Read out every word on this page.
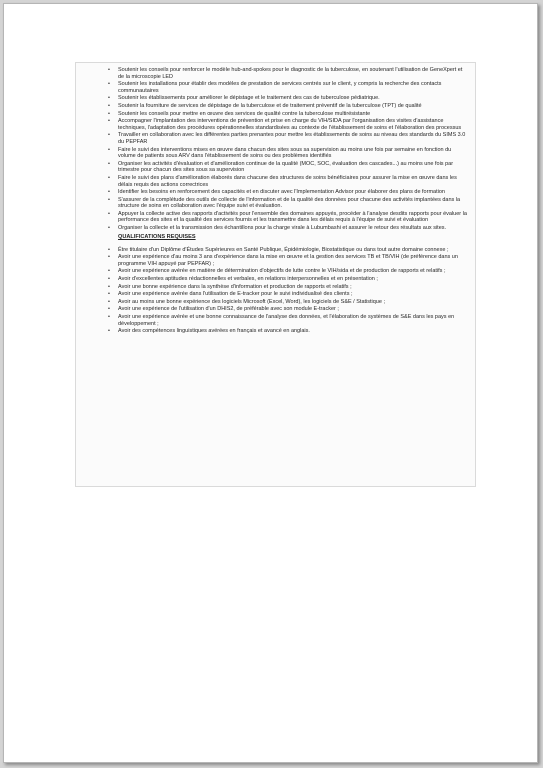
• Soutenir les conseils pour renforcer le modèle hub-and-spokes pour le diagnostic de la tuberculose, en soutenant l'utilisation de GeneXpert et de la microscopie LED
• Soutenir les installations pour établir des modèles de prestation de services centrés sur le client, y compris la recherche des contacts communautaires
• Soutenir les établissements pour améliorer le dépistage et le traitement des cas de tuberculose pédiatrique.
• Soutenir la fourniture de services de dépistage de la tuberculose et de traitement préventif de la tuberculose (TPT) de qualité
• Soutenir les conseils pour mettre en œuvre des services de qualité contre la tuberculose multirésistante
• Accompagner l'implantation des interventions de prévention et prise en charge du VIH/SIDA par l'organisation des visites d'assistance techniques, l'adaptation des procédures opérationnelles standardisées au contexte de l'établissement de soins et l'élaboration des processus
• Travailler en collaboration avec les différentes parties prenantes pour mettre les établissements de soins au niveau des standards du SIMS 3.0 du PEPFAR
• Faire le suivi des interventions mises en œuvre dans chacun des sites sous sa supervision au moins une fois par semaine en fonction du volume de patients sous ARV dans l'établissement de soins ou des problèmes identifiés
• Organiser les activités d'évaluation et d'amélioration continue de la qualité (MOC, SOC, évaluation des cascades...) au moins une fois par trimestre pour chacun des sites sous sa supervision
• Faire le suivi des plans d'amélioration élaborés dans chacune des structures de soins bénéficiaires pour assurer la mise en œuvre dans les délais requis des actions correctrices
• Identifier les besoins en renforcement des capacités et en discuter avec l'Implementation Advisor pour élaborer des plans de formation
• S'assurer de la complétude des outils de collecte de l'information et de la qualité des données pour chacune des activités implantées dans la structure de soins en collaboration avec l'équipe suivi et évaluation.
• Appuyer la collecte active des rapports d'activités pour l'ensemble des domaines appuyés, procéder à l'analyse desdits rapports pour évaluer la performance des sites et la qualité des services fournis et les transmettre dans les délais requis à l'équipe de suivi et évaluation
• Organiser la collecte et la transmission des échantillons pour la charge virale à Lubumbashi et assurer le retour des résultats aux sites.
QUALIFICATIONS REQUISES
• Être titulaire d'un Diplôme d'Études Supérieures en Santé Publique, Épidémiologie, Biostatistique ou dans tout autre domaine connexe ;
• Avoir une expérience d'au moins 3 ans d'expérience dans la mise en œuvre et la gestion des services TB et TB/VIH (de préférence dans un programme VIH appuyé par PEPFAR) ;
• Avoir une expérience avérée en matière de détermination d'objectifs de lutte contre le VIH/sida et de production de rapports et relatifs ;
• Avoir d'excellentes aptitudes rédactionnelles et verbales, en relations interpersonnelles et en présentation ;
• Avoir une bonne expérience dans la synthèse d'information et production de rapports et relatifs ;
• Avoir une expérience avérée dans l'utilisation de E-tracker pour le suivi individualisé des clients ;
• Avoir au moins une bonne expérience des logiciels Microsoft (Excel, Word), les logiciels de S&E / Statistique ;
• Avoir une expérience de l'utilisation d'un DHIS2, de préférable avec son module E-tracker ;
• Avoir une expérience avérée et une bonne connaissance de l'analyse des données, et l'élaboration de systèmes de S&E dans les pays en développement ;
• Avoir des compétences linguistiques avérées en français et avancé en anglais.
